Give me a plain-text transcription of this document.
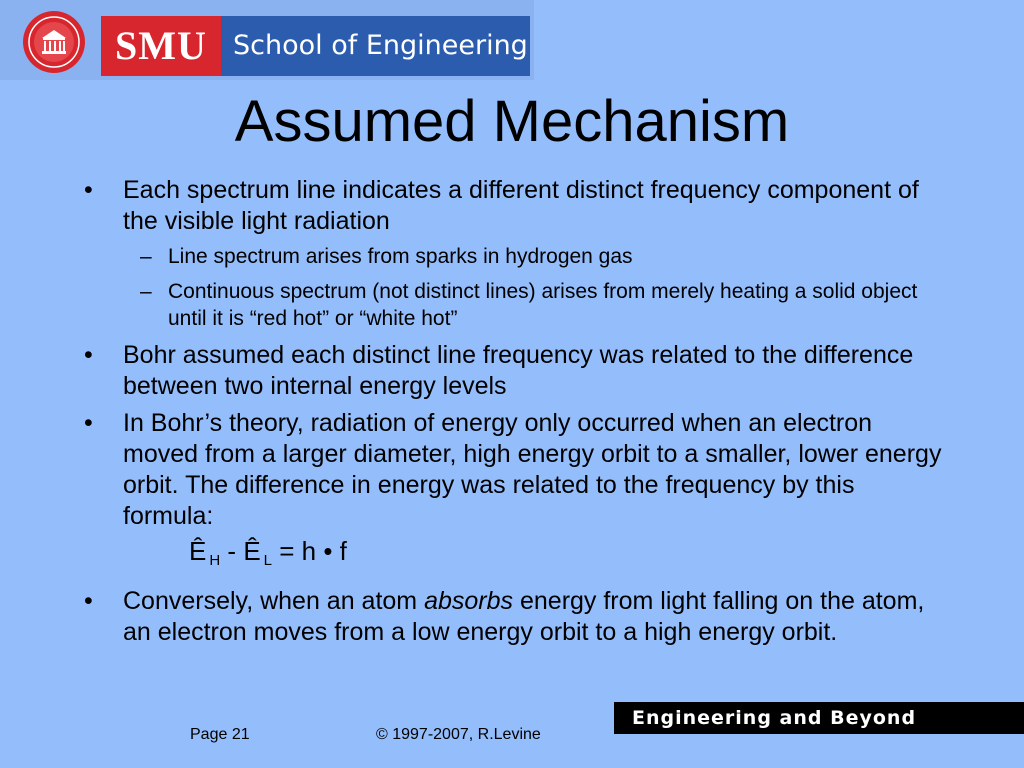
SMU School of Engineering
Assumed Mechanism
• Each spectrum line indicates a different distinct frequency component of the visible light radiation
– Line spectrum arises from sparks in hydrogen gas
– Continuous spectrum (not distinct lines) arises from merely heating a solid object until it is “red hot” or “white hot”
• Bohr assumed each distinct line frequency was related to the difference between two internal energy levels
• In Bohr’s theory, radiation of energy only occurred when an electron moved from a larger diameter, high energy orbit to a smaller, lower energy orbit. The difference in energy was related to the frequency by this formula:
Ê $_H$ - Ê $_L$ = h • f
• Conversely, when an atom absorbs energy from light falling on the atom, an electron moves from a low energy orbit to a high energy orbit.
Page 21	© 1997-2007, R.Levine
Engineering and Beyond
